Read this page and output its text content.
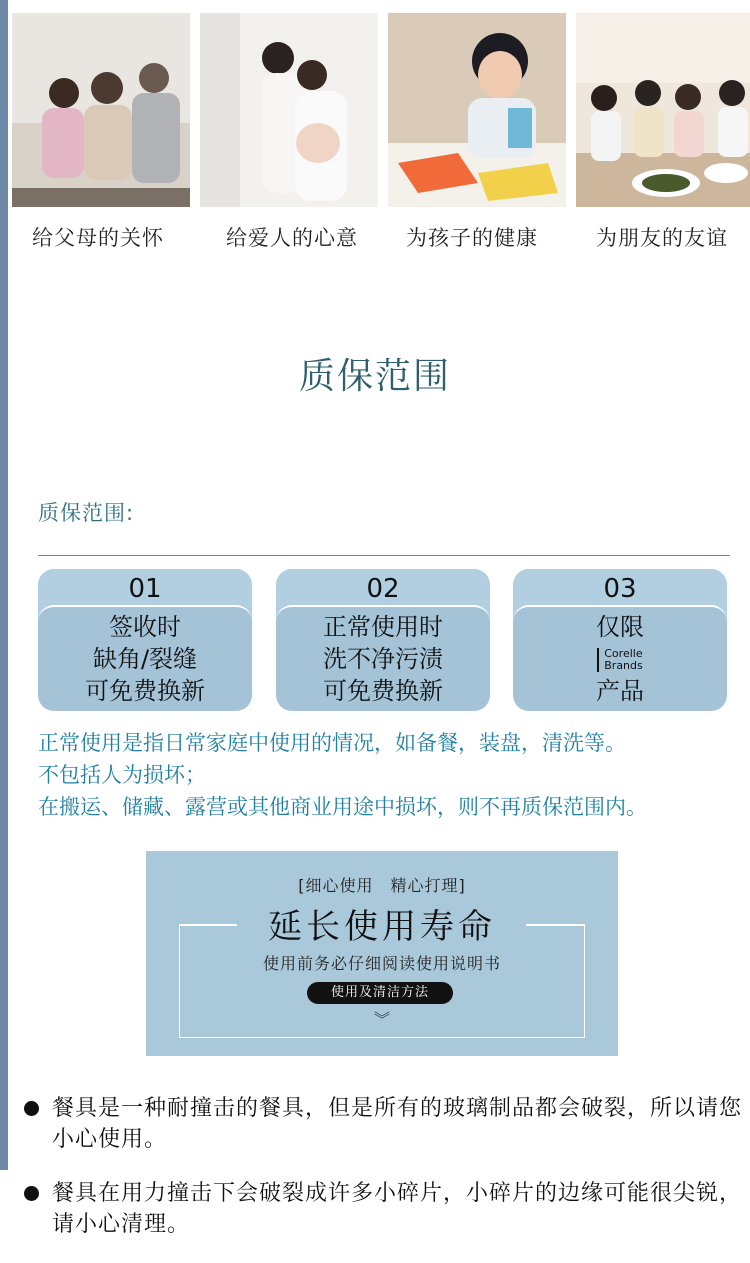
给父母的关怀	给爱人的心意 为孩子的健康	为朋友的友谊
质保范围
质保范围:
01
签收时
缺角/裂缝
可免费换新
02
正常使用时
洗不净污渍
可免费换新
03
仅限
Corelle
Brands
产品
正常使用是指日常家庭中使用的情况，如备餐，装盘，清洗等。
不包括人为损坏；
在搬运、储藏、露营或其他商业用途中损坏，则不再质保范围内。
[细心使用　精心打理]
延长使用寿命
使用前务必仔细阅读使用说明书
使用及清洁方法
︾
餐具是一种耐撞击的餐具，但是所有的玻璃制品都会破裂，所以请您小心使用。
餐具在用力撞击下会破裂成许多小碎片，小碎片的边缘可能很尖锐，请小心清理。
